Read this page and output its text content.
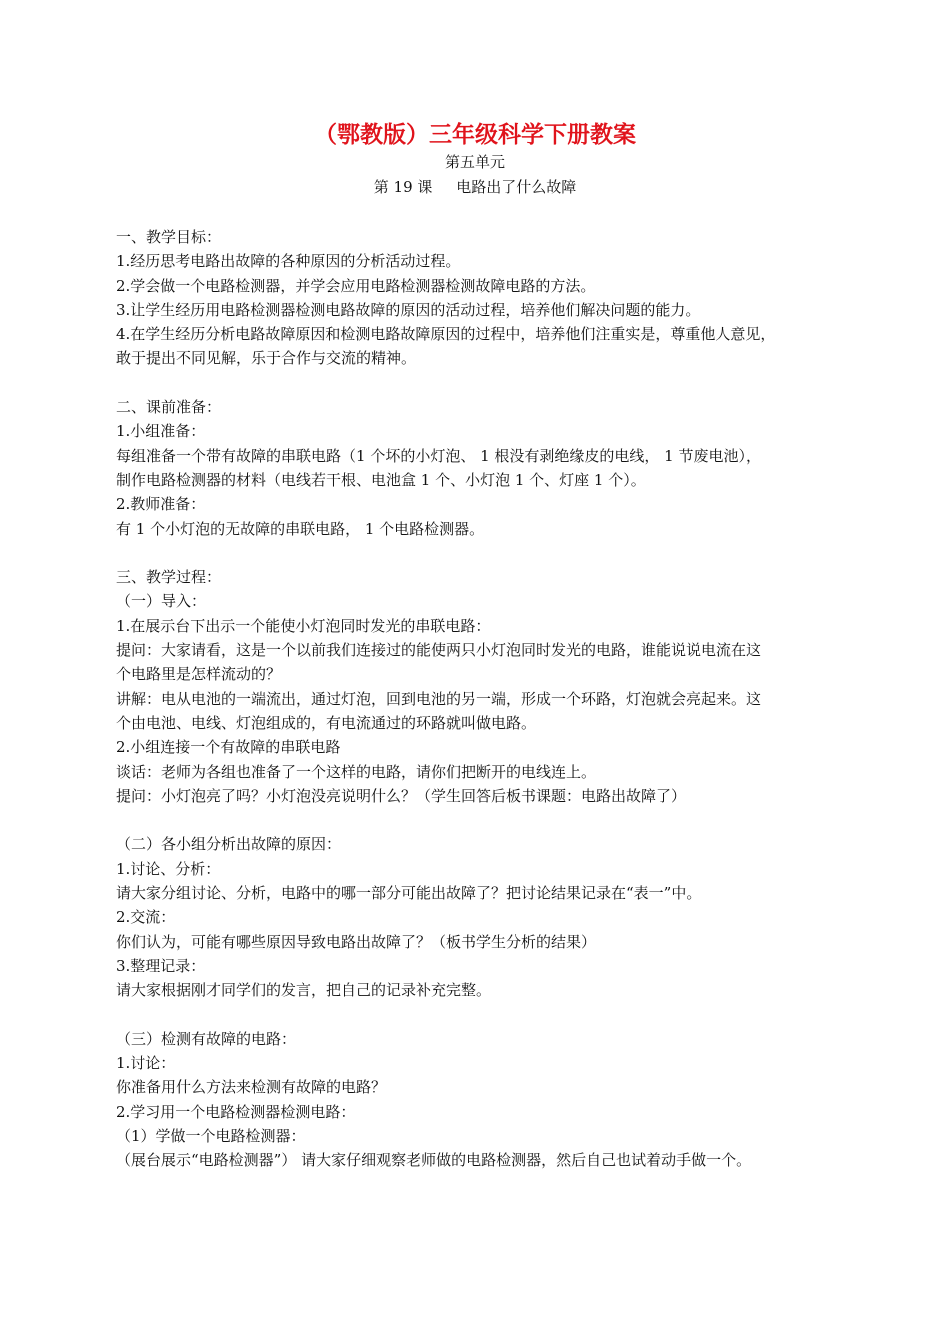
（鄂教版）三年级科学下册教案
第五单元
第 19 课     电路出了什么故障
一、教学目标：
1.经历思考电路出故障的各种原因的分析活动过程。
2.学会做一个电路检测器，并学会应用电路检测器检测故障电路的方法。
3.让学生经历用电路检测器检测电路故障的原因的活动过程，培养他们解决问题的能力。
4.在学生经历分析电路故障原因和检测电路故障原因的过程中，培养他们注重实是，尊重他人意见，
敢于提出不同见解，乐于合作与交流的精神。
二、课前准备：
1.小组准备：
每组准备一个带有故障的串联电路（1 个坏的小灯泡、 1 根没有剥绝缘皮的电线， 1 节废电池），
制作电路检测器的材料（电线若干根、电池盒 1 个、小灯泡 1 个、灯座 1 个）。
2.教师准备：
有 1 个小灯泡的无故障的串联电路， 1 个电路检测器。
三、教学过程：
（一）导入：
1.在展示台下出示一个能使小灯泡同时发光的串联电路：
提问：大家请看，这是一个以前我们连接过的能使两只小灯泡同时发光的电路，谁能说说电流在这
个电路里是怎样流动的？
讲解：电从电池的一端流出，通过灯泡，回到电池的另一端，形成一个环路，灯泡就会亮起来。这
个由电池、电线、灯泡组成的，有电流通过的环路就叫做电路。
2.小组连接一个有故障的串联电路
谈话：老师为各组也准备了一个这样的电路，请你们把断开的电线连上。
提问：小灯泡亮了吗？小灯泡没亮说明什么？（学生回答后板书课题：电路出故障了）
（二）各小组分析出故障的原因：
1.讨论、分析：
请大家分组讨论、分析，电路中的哪一部分可能出故障了？把讨论结果记录在“表一”中。
2.交流：
你们认为，可能有哪些原因导致电路出故障了？（板书学生分析的结果）
3.整理记录：
请大家根据刚才同学们的发言，把自己的记录补充完整。
（三）检测有故障的电路：
1.讨论：
你准备用什么方法来检测有故障的电路？
2.学习用一个电路检测器检测电路：
（1）学做一个电路检测器：
（展台展示“电路检测器”） 请大家仔细观察老师做的电路检测器，然后自己也试着动手做一个。
